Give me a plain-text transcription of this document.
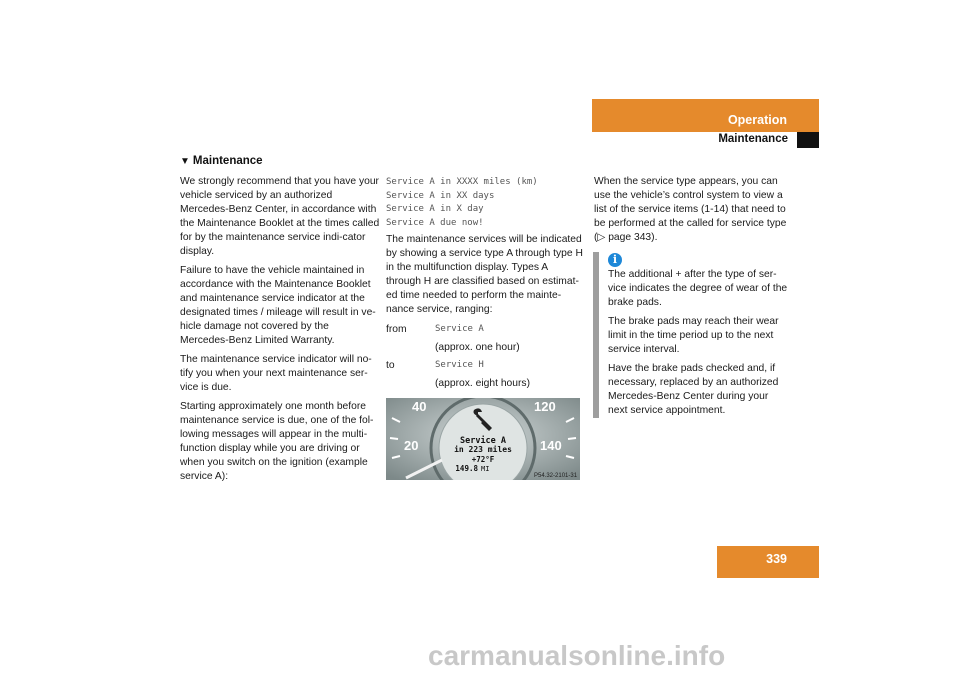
Operation
Maintenance
▼ Maintenance

We strongly recommend that you have your vehicle serviced by an authorized Mercedes-Benz Center, in accordance with the Maintenance Booklet at the times called for by the maintenance service indi-cator display.

Failure to have the vehicle maintained in accordance with the Maintenance Booklet and maintenance service indicator at the designated times / mileage will result in ve-hicle damage not covered by the Mercedes-Benz Limited Warranty.

The maintenance service indicator will no-tify you when your next maintenance ser-vice is due.

Starting approximately one month before maintenance service is due, one of the fol-lowing messages will appear in the multi-function display while you are driving or when you switch on the ignition (example service A):

Service A in XXXX miles (km)
Service A in XX days
Service A in X day
Service A due now!

The maintenance services will be indicated by showing a service type A through type H in the multifunction display. Types A through H are classified based on estimat-ed time needed to perform the mainte-nance service, ranging:

from	Service A
(approx. one hour)
to	Service H
(approx. eight hours)
40
20
120
140
Service A
in 223 miles
+72°F
149.8 MI
P54.32-2101-31

When the service type appears, you can use the vehicle’s control system to view a list of the service items (1-14) that need to be performed at the called for service type (▷ page 343).

i

The additional + after the type of ser-vice indicates the degree of wear of the brake pads.

The brake pads may reach their wear limit in the time period up to the next service interval.

Have the brake pads checked and, if necessary, replaced by an authorized Mercedes-Benz Center during your next service appointment.

339
carmanualsonline.info
